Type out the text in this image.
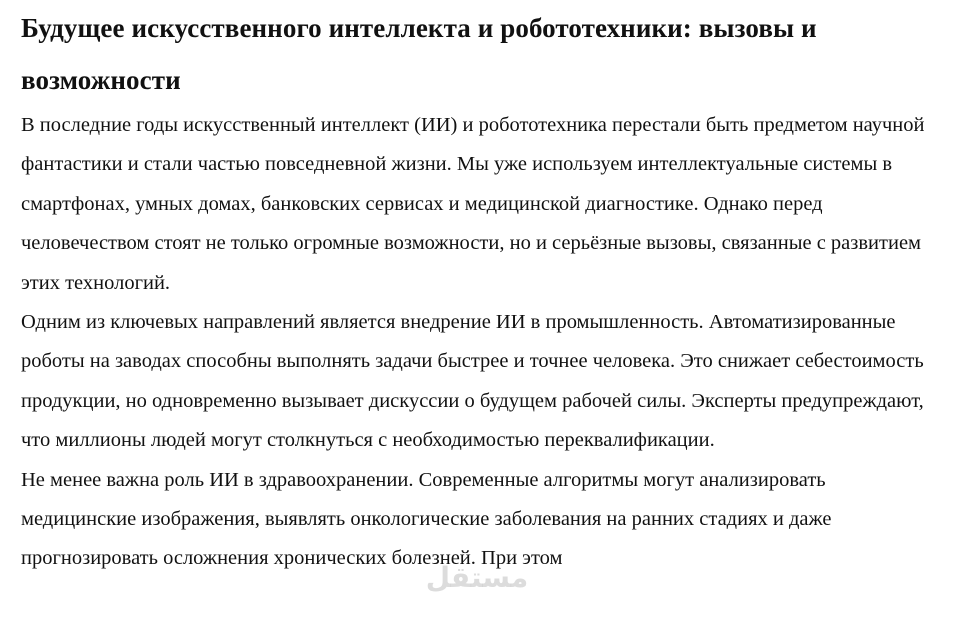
Будущее искусственного интеллекта и робототехники: вызовы и возможности

В последние годы искусственный интеллект (ИИ) и робототехника перестали быть предметом научной фантастики и стали частью повседневной жизни. Мы уже используем интеллектуальные системы в смартфонах, умных домах, банковских сервисах и медицинской диагностике. Однако перед человечеством стоят не только огромные возможности, но и серьёзные вызовы, связанные с развитием этих технологий.

Одним из ключевых направлений является внедрение ИИ в промышленность. Автоматизированные роботы на заводах способны выполнять задачи быстрее и точнее человека. Это снижает себестоимость продукции, но одновременно вызывает дискуссии о будущем рабочей силы. Эксперты предупреждают, что миллионы людей могут столкнуться с необходимостью переквалификации.

Не менее важна роль ИИ в здравоохранении. Современные алгоритмы могут анализировать медицинские изображения, выявлять онкологические заболевания на ранних стадиях и даже прогнозировать осложнения хронических болезней. При этом

مستقل
